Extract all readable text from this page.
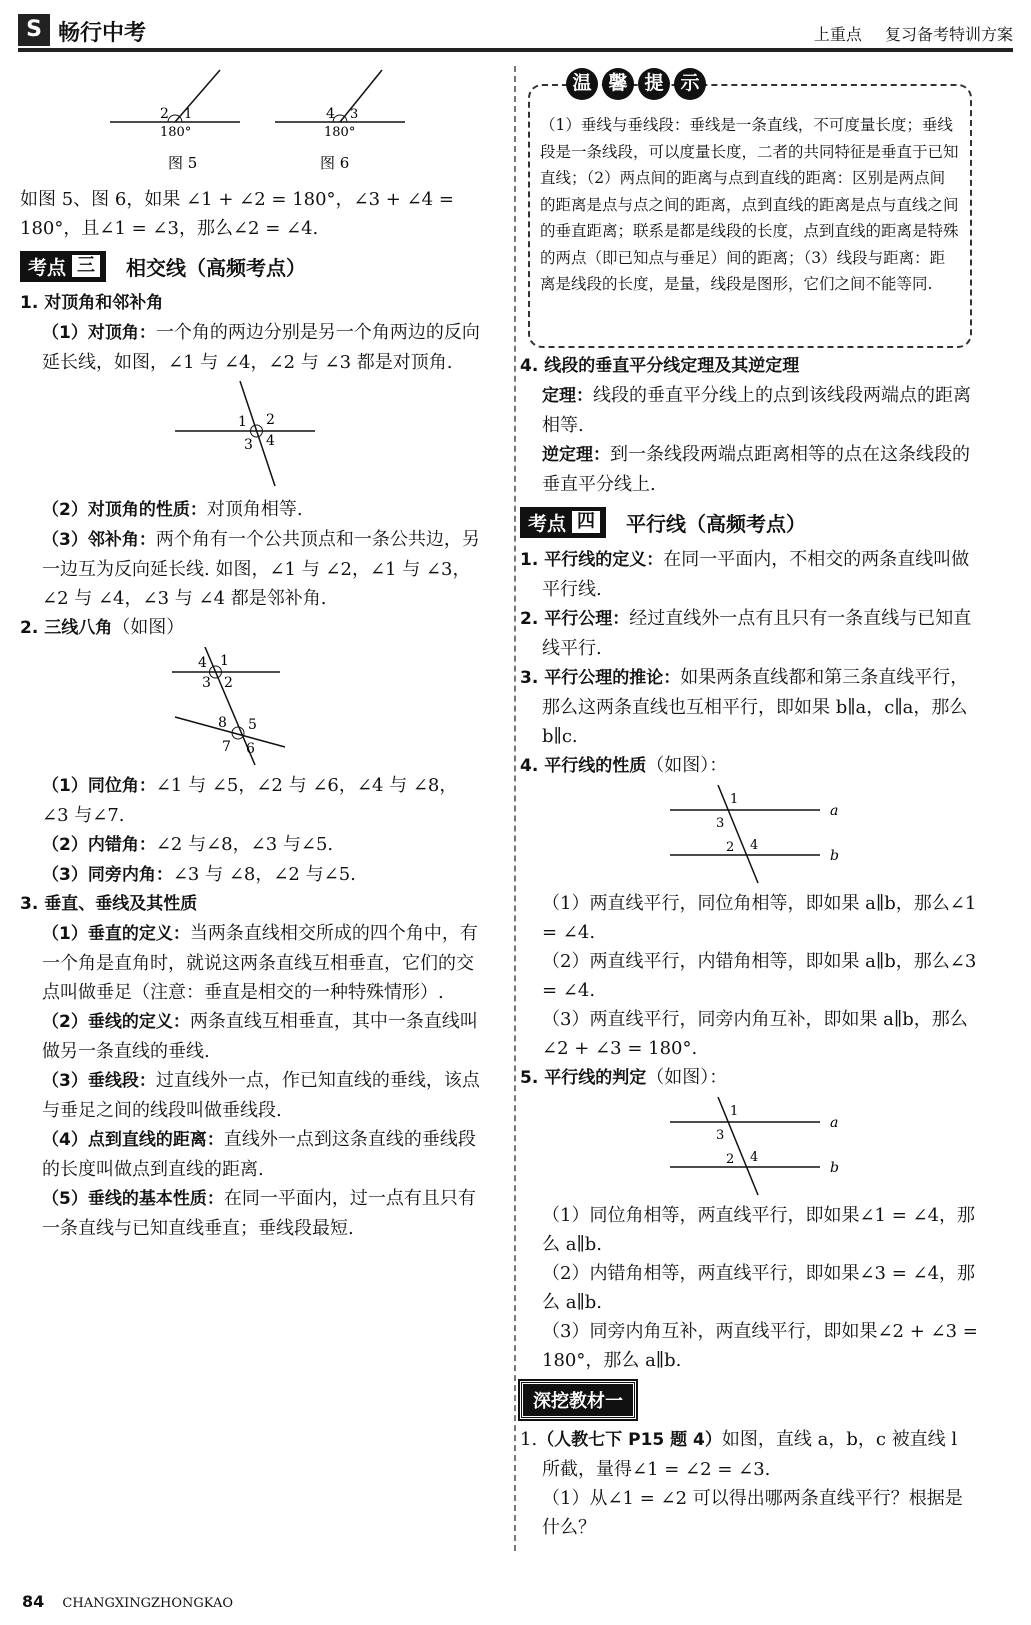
S 畅行中考	上重点 复习备考特训方案
2 1
180°
图 5
4 3
180°
图 6

如图 5、图 6，如果 ∠1 + ∠2 = 180°，∠3 + ∠4 =

180°，且∠1 = ∠3，那么∠2 = ∠4.

考点 三	相交线（高频考点）

1. 对顶角和邻补角

（1）对顶角：一个角的两边分别是另一个角两边的反向延长线，如图，∠1 与 ∠4，∠2 与 ∠3 都是对顶角.

1 2
3 4

（2）对顶角的性质：对顶角相等.

（3）邻补角：两个角有一个公共顶点和一条公共边，另一边互为反向延长线. 如图，∠1 与 ∠2，∠1 与 ∠3，∠2 与 ∠4，∠3 与 ∠4 都是邻补角.

2. 三线八角（如图）

4 1
3 2
8 5
7 6

（1）同位角：∠1 与 ∠5，∠2 与 ∠6，∠4 与 ∠8，∠3 与∠7.

（2）内错角：∠2 与∠8，∠3 与∠5.

（3）同旁内角：∠3 与 ∠8，∠2 与∠5.

3. 垂直、垂线及其性质

（1）垂直的定义：当两条直线相交所成的四个角中，有一个角是直角时，就说这两条直线互相垂直，它们的交点叫做垂足（注意：垂直是相交的一种特殊情形）.

（2）垂线的定义：两条直线互相垂直，其中一条直线叫做另一条直线的垂线.

（3）垂线段：过直线外一点，作已知直线的垂线，该点与垂足之间的线段叫做垂线段.

（4）点到直线的距离：直线外一点到这条直线的垂线段的长度叫做点到直线的距离.

（5）垂线的基本性质：在同一平面内，过一点有且只有一条直线与已知直线垂直；垂线段最短.

温 馨 提 示
（1）垂线与垂线段：垂线是一条直线，不可度量长度；垂线段是一条线段，可以度量长度，二者的共同特征是垂直于已知直线；（2）两点间的距离与点到直线的距离：区别是两点间的距离是点与点之间的距离，点到直线的距离是点与直线之间的垂直距离；联系是都是线段的长度，点到直线的距离是特殊的两点（即已知点与垂足）间的距离；（3）线段与距离：距离是线段的长度，是量，线段是图形，它们之间不能等同.

4. 线段的垂直平分线定理及其逆定理

定理：线段的垂直平分线上的点到该线段两端点的距离相等.

逆定理：到一条线段两端点距离相等的点在这条线段的垂直平分线上.

考点 四	平行线（高频考点）

1. 平行线的定义：在同一平面内，不相交的两条直线叫做平行线.

2. 平行公理：经过直线外一点有且只有一条直线与已知直线平行.

3. 平行公理的推论：如果两条直线都和第三条直线平行，那么这两条直线也互相平行，即如果 b∥a，c∥a，那么 b∥c.

4. 平行线的性质（如图）：

1
3
2 4
a
b

（1）两直线平行，同位角相等，即如果 a∥b，那么∠1 = ∠4.

（2）两直线平行，内错角相等，即如果 a∥b，那么∠3 = ∠4.

（3）两直线平行，同旁内角互补，即如果 a∥b，那么∠2 + ∠3 = 180°.

5. 平行线的判定（如图）：

1
3
2 4
a
b

（1）同位角相等，两直线平行，即如果∠1 = ∠4，那么 a∥b.

（2）内错角相等，两直线平行，即如果∠3 = ∠4，那么 a∥b.

（3）同旁内角互补，两直线平行，即如果∠2 + ∠3 = 180°，那么 a∥b.

深挖教材一

1.（人教七下 P15 题 4）如图，直线 a，b，c 被直线 l 所截，量得∠1 = ∠2 = ∠3.

（1）从∠1 = ∠2 可以得出哪两条直线平行？根据是什么？

84 CHANGXINGZHONGKAO
